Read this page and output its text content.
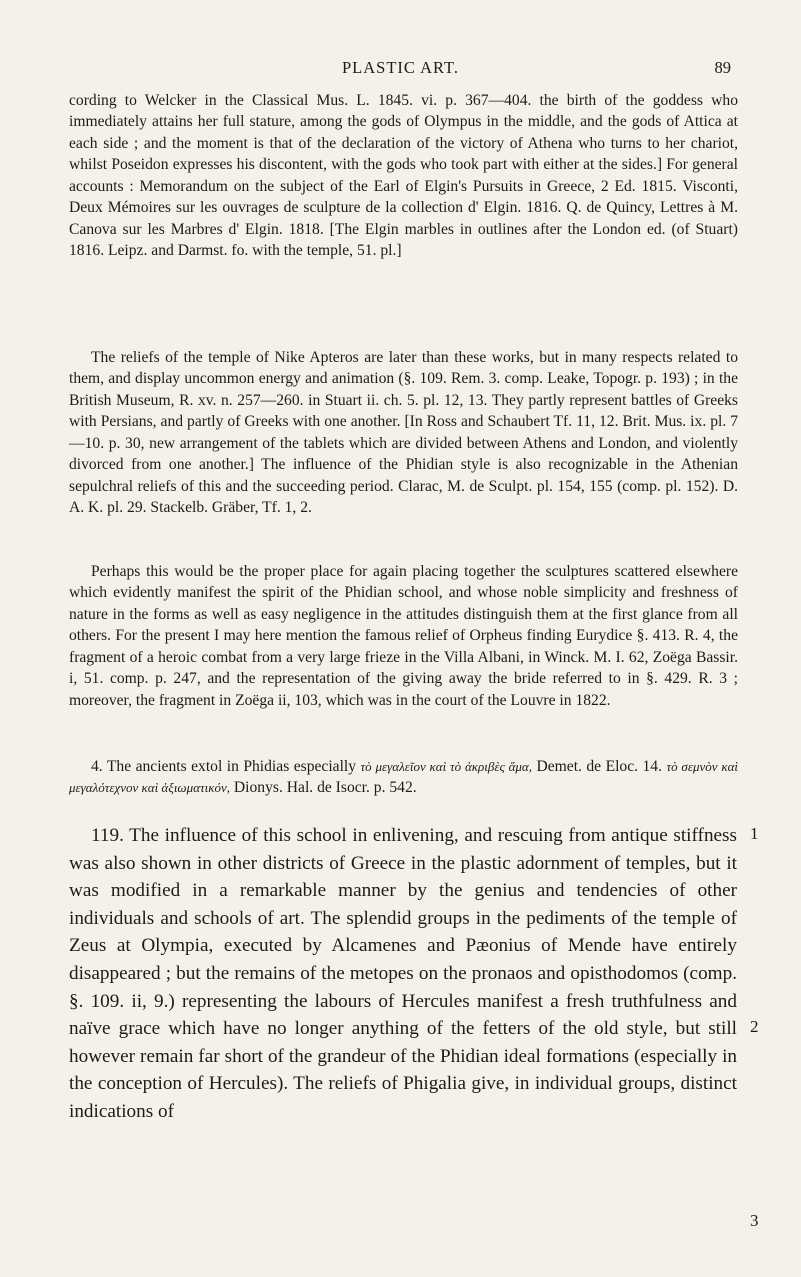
PLASTIC ART.	89

cording to Welcker in the Classical Mus. L. 1845. vi. p. 367—404. the birth of the goddess who immediately attains her full stature, among the gods of Olympus in the middle, and the gods of Attica at each side ; and the moment is that of the declaration of the victory of Athena who turns to her chariot, whilst Poseidon expresses his discontent, with the gods who took part with either at the sides.] For general accounts : Memorandum on the subject of the Earl of Elgin's Pursuits in Greece, 2 Ed. 1815. Visconti, Deux Mémoires sur les ouvrages de sculpture de la collection d' Elgin. 1816. Q. de Quincy, Lettres à M. Canova sur les Marbres d' Elgin. 1818. [The Elgin marbles in outlines after the London ed. (of Stuart) 1816. Leipz. and Darmst. fo. with the temple, 51. pl.]

The reliefs of the temple of Nike Apteros are later than these works, but in many respects related to them, and display uncommon energy and animation (§. 109. Rem. 3. comp. Leake, Topogr. p. 193) ; in the British Museum, R. xv. n. 257—260. in Stuart ii. ch. 5. pl. 12, 13. They partly represent battles of Greeks with Persians, and partly of Greeks with one another. [In Ross and Schaubert Tf. 11, 12. Brit. Mus. ix. pl. 7—10. p. 30, new arrangement of the tablets which are divided between Athens and London, and violently divorced from one another.] The influence of the Phidian style is also recognizable in the Athenian sepulchral reliefs of this and the succeeding period. Clarac, M. de Sculpt. pl. 154, 155 (comp. pl. 152). D. A. K. pl. 29. Stackelb. Gräber, Tf. 1, 2.

Perhaps this would be the proper place for again placing together the sculptures scattered elsewhere which evidently manifest the spirit of the Phidian school, and whose noble simplicity and freshness of nature in the forms as well as easy negligence in the attitudes distinguish them at the first glance from all others. For the present I may here mention the famous relief of Orpheus finding Eurydice §. 413. R. 4, the fragment of a heroic combat from a very large frieze in the Villa Albani, in Winck. M. I. 62, Zoëga Bassir. i, 51. comp. p. 247, and the representation of the giving away the bride referred to in §. 429. R. 3 ; moreover, the fragment in Zoëga ii, 103, which was in the court of the Louvre in 1822.

4. The ancients extol in Phidias especially τὸ μεγαλεῖον καὶ τὸ ἀκριβὲς ἅμα, Demet. de Eloc. 14. τὸ σεμνὸν καὶ μεγαλότεχνον καὶ ἀξιωματικόν, Dionys. Hal. de Isocr. p. 542.

119. The influence of this school in enlivening, and rescuing from antique stiffness was also shown in other districts of Greece in the plastic adornment of temples, but it was modified in a remarkable manner by the genius and tendencies of other individuals and schools of art. The splendid groups in the pediments of the temple of Zeus at Olympia, executed by Alcamenes and Pæonius of Mende have entirely disappeared ; but the remains of the metopes on the pronaos and opisthodomos (comp. §. 109. ii, 9.) representing the labours of Hercules manifest a fresh truthfulness and naïve grace which have no longer anything of the fetters of the old style, but still however remain far short of the grandeur of the Phidian ideal formations (especially in the conception of Hercules). The reliefs of Phigalia give, in individual groups, distinct indications of

1
2
3
